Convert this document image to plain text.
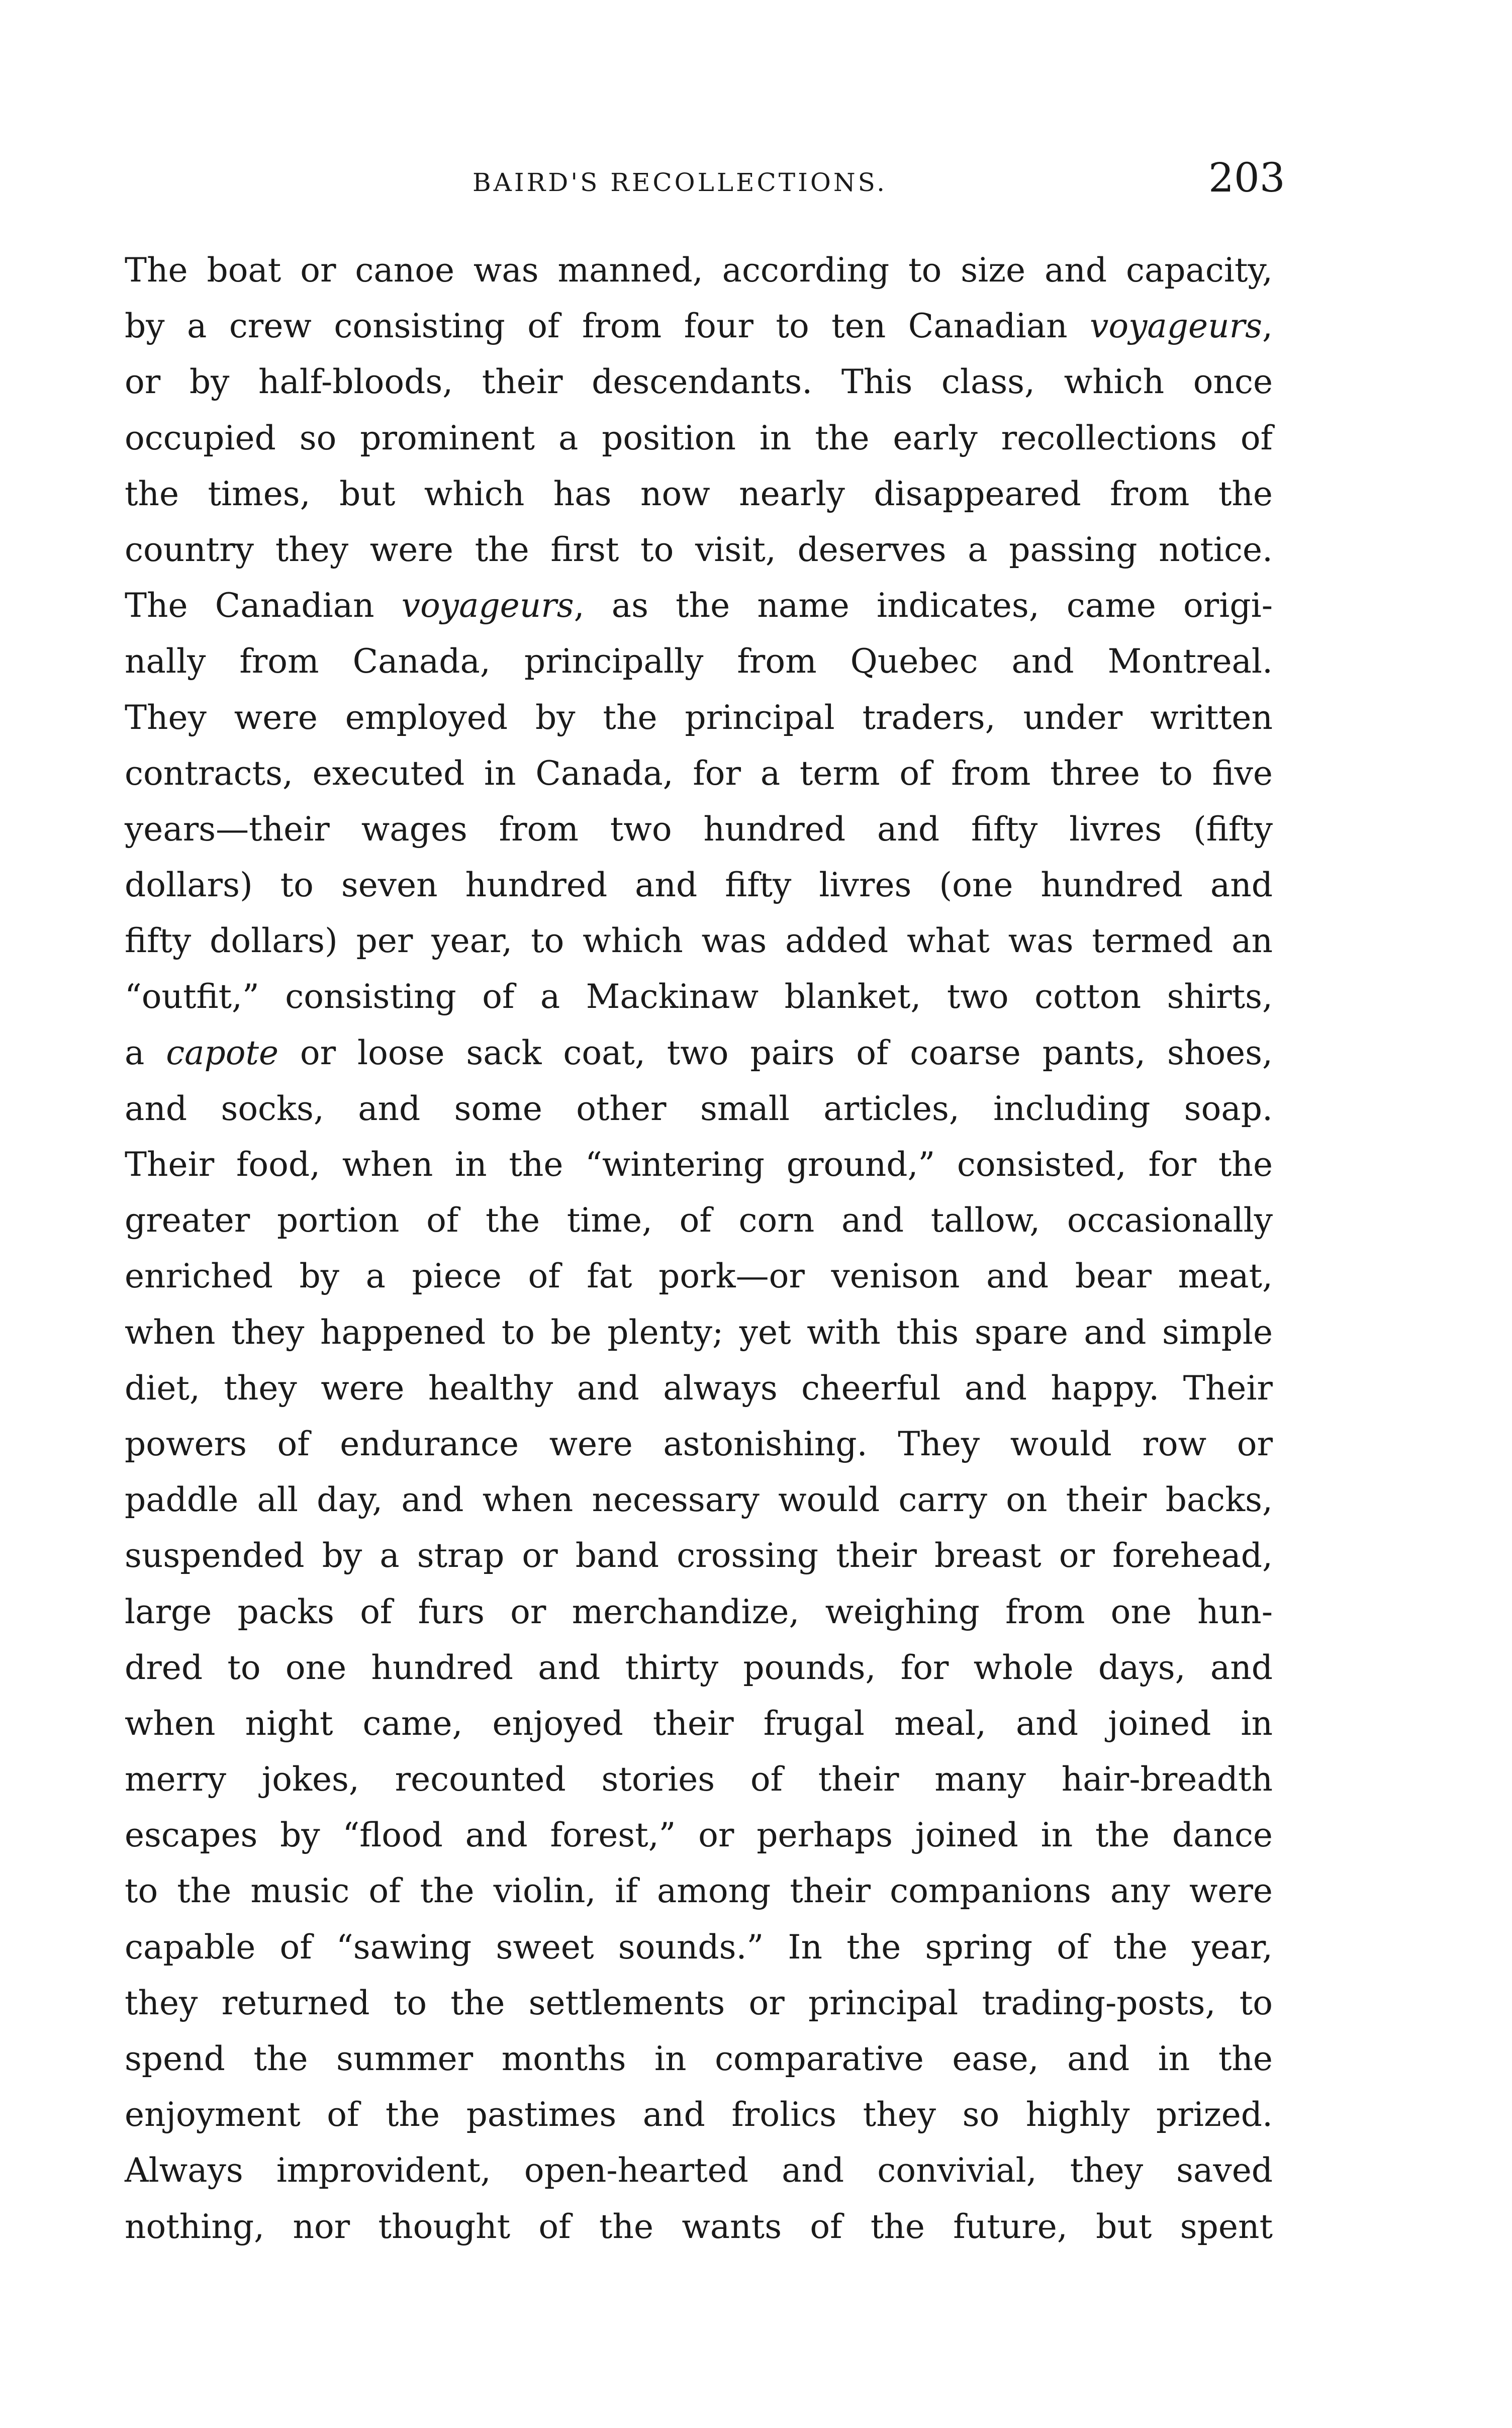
BAIRD'S RECOLLECTIONS.	203
The boat or canoe was manned, according to size and capacity,
by a crew consisting of from four to ten Canadian voyageurs,
or by half-bloods, their descendants. This class, which once
occupied so prominent a position in the early recollections of
the times, but which has now nearly disappeared from the
country they were the first to visit, deserves a passing notice.
The Canadian voyageurs, as the name indicates, came origi-
nally from Canada, principally from Quebec and Montreal.
They were employed by the principal traders, under written
contracts, executed in Canada, for a term of from three to five
years—their wages from two hundred and fifty livres (fifty
dollars) to seven hundred and fifty livres (one hundred and
fifty dollars) per year, to which was added what was termed an
“outfit,” consisting of a Mackinaw blanket, two cotton shirts,
a capote or loose sack coat, two pairs of coarse pants, shoes,
and socks, and some other small articles, including soap.
Their food, when in the “wintering ground,” consisted, for the
greater portion of the time, of corn and tallow, occasionally
enriched by a piece of fat pork—or venison and bear meat,
when they happened to be plenty; yet with this spare and simple
diet, they were healthy and always cheerful and happy. Their
powers of endurance were astonishing. They would row or
paddle all day, and when necessary would carry on their backs,
suspended by a strap or band crossing their breast or forehead,
large packs of furs or merchandize, weighing from one hun-
dred to one hundred and thirty pounds, for whole days, and
when night came, enjoyed their frugal meal, and joined in
merry jokes, recounted stories of their many hair-breadth
escapes by “flood and forest,” or perhaps joined in the dance
to the music of the violin, if among their companions any were
capable of “sawing sweet sounds.” In the spring of the year,
they returned to the settlements or principal trading-posts, to
spend the summer months in comparative ease, and in the
enjoyment of the pastimes and frolics they so highly prized.
Always improvident, open-hearted and convivial, they saved
nothing, nor thought of the wants of the future, but spent
